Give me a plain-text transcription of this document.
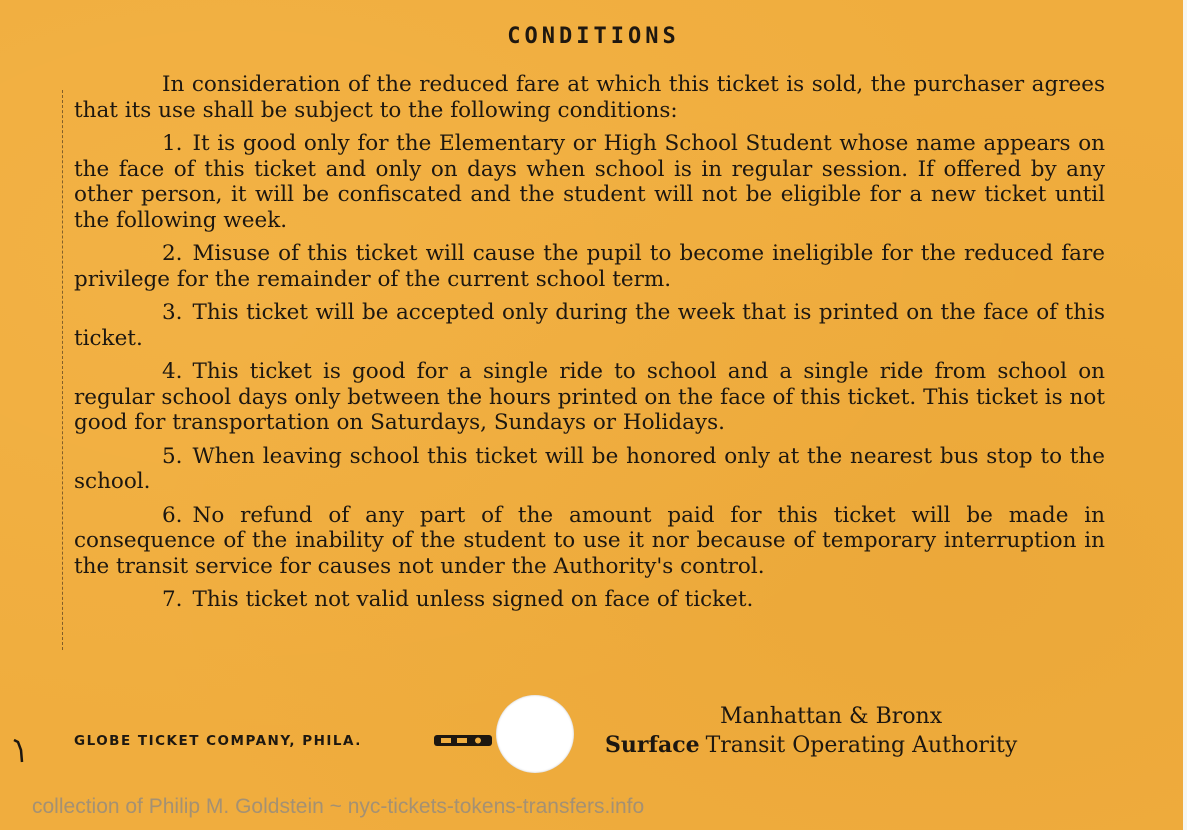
CONDITIONS

In consideration of the reduced fare at which this ticket is sold, the purchaser agrees that its use shall be subject to the following conditions:

1. It is good only for the Elementary or High School Student whose name appears on the face of this ticket and only on days when school is in regular session. If offered by any other person, it will be confiscated and the student will not be eligible for a new ticket until the following week.

2. Misuse of this ticket will cause the pupil to become ineligible for the reduced fare privilege for the remainder of the current school term.

3. This ticket will be accepted only during the week that is printed on the face of this ticket.

4. This ticket is good for a single ride to school and a single ride from school on regular school days only between the hours printed on the face of this ticket. This ticket is not good for transportation on Saturdays, Sundays or Holidays.

5. When leaving school this ticket will be honored only at the nearest bus stop to the school.

6. No refund of any part of the amount paid for this ticket will be made in consequence of the inability of the student to use it nor because of temporary interruption in the transit service for causes not under the Authority's control.

7. This ticket not valid unless signed on face of ticket.

GLOBE TICKET COMPANY, PHILA.
Manhattan & Bronx
Surface Transit Operating Authority
collection of Philip M. Goldstein ~ nyc-tickets-tokens-transfers.info
